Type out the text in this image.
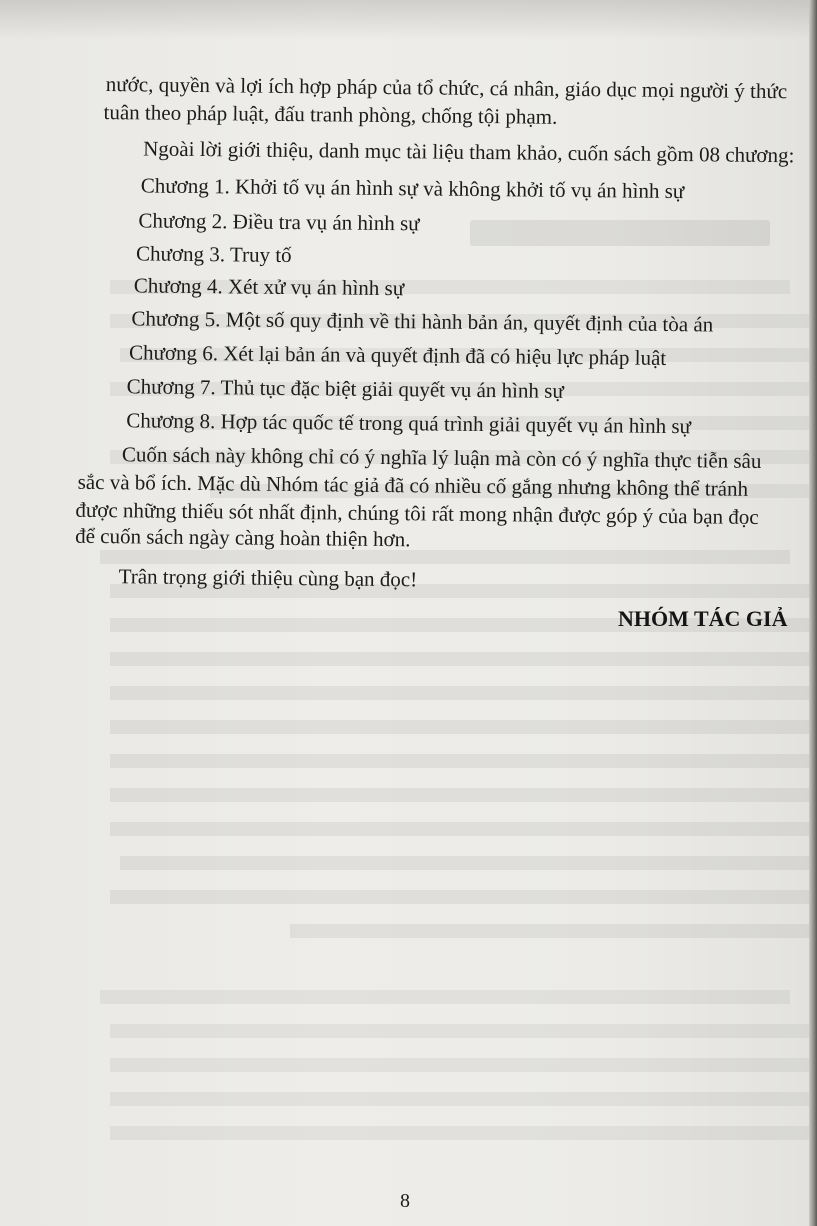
nước, quyền và lợi ích hợp pháp của tổ chức, cá nhân, giáo dục mọi người ý thức
tuân theo pháp luật, đấu tranh phòng, chống tội phạm.
Ngoài lời giới thiệu, danh mục tài liệu tham khảo, cuốn sách gồm 08 chương:
Chương 1. Khởi tố vụ án hình sự và không khởi tố vụ án hình sự
Chương 2. Điều tra vụ án hình sự
Chương 3. Truy tố
Chương 4. Xét xử vụ án hình sự
Chương 5. Một số quy định về thi hành bản án, quyết định của tòa án
Chương 6. Xét lại bản án và quyết định đã có hiệu lực pháp luật
Chương 7. Thủ tục đặc biệt giải quyết vụ án hình sự
Chương 8. Hợp tác quốc tế trong quá trình giải quyết vụ án hình sự
Cuốn sách này không chỉ có ý nghĩa lý luận mà còn có ý nghĩa thực tiễn sâu
sắc và bổ ích. Mặc dù Nhóm tác giả đã có nhiều cố gắng nhưng không thể tránh
được những thiếu sót nhất định, chúng tôi rất mong nhận được góp ý của bạn đọc
để cuốn sách ngày càng hoàn thiện hơn.
Trân trọng giới thiệu cùng bạn đọc!
NHÓM TÁC GIẢ
8
